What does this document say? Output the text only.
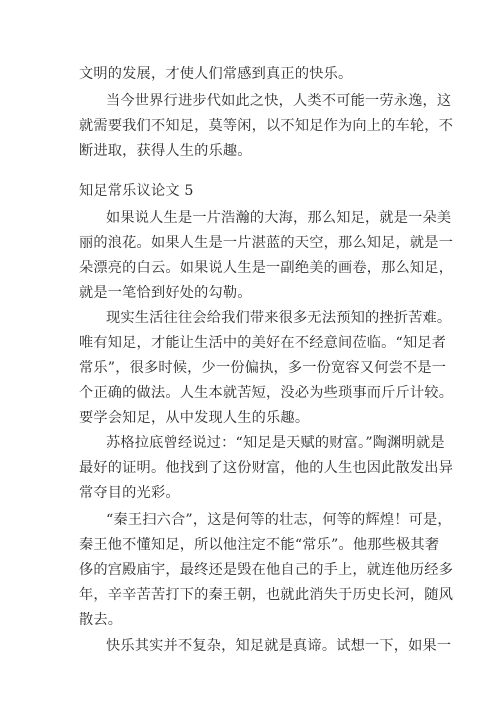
文明的发展，才使人们常感到真正的快乐。
当今世界行进步代如此之快，人类不可能一劳永逸，这
就需要我们不知足，莫等闲，以不知足作为向上的车轮，不
断进取，获得人生的乐趣。
知足常乐议论文 5
如果说人生是一片浩瀚的大海，那么知足，就是一朵美
丽的浪花。如果人生是一片湛蓝的天空，那么知足，就是一
朵漂亮的白云。如果说人生是一副绝美的画卷，那么知足，
就是一笔恰到好处的勾勒。
现实生活往往会给我们带来很多无法预知的挫折苦难。
唯有知足，才能让生活中的美好在不经意间莅临。“知足者
常乐”，很多时候，少一份偏执，多一份宽容又何尝不是一
个正确的做法。人生本就苦短，没必为些琐事而斤斤计较。
要学会知足，从中发现人生的乐趣。
苏格拉底曾经说过：“知足是天赋的财富。”陶渊明就是
最好的证明。他找到了这份财富，他的人生也因此散发出异
常夺目的光彩。
“秦王扫六合”，这是何等的壮志，何等的辉煌！可是，
秦王他不懂知足，所以他注定不能“常乐”。他那些极其奢
侈的宫殿庙宇，最终还是毁在他自己的手上，就连他历经多
年，辛辛苦苦打下的秦王朝，也就此消失于历史长河，随风
散去。
快乐其实并不复杂，知足就是真谛。试想一下，如果一
